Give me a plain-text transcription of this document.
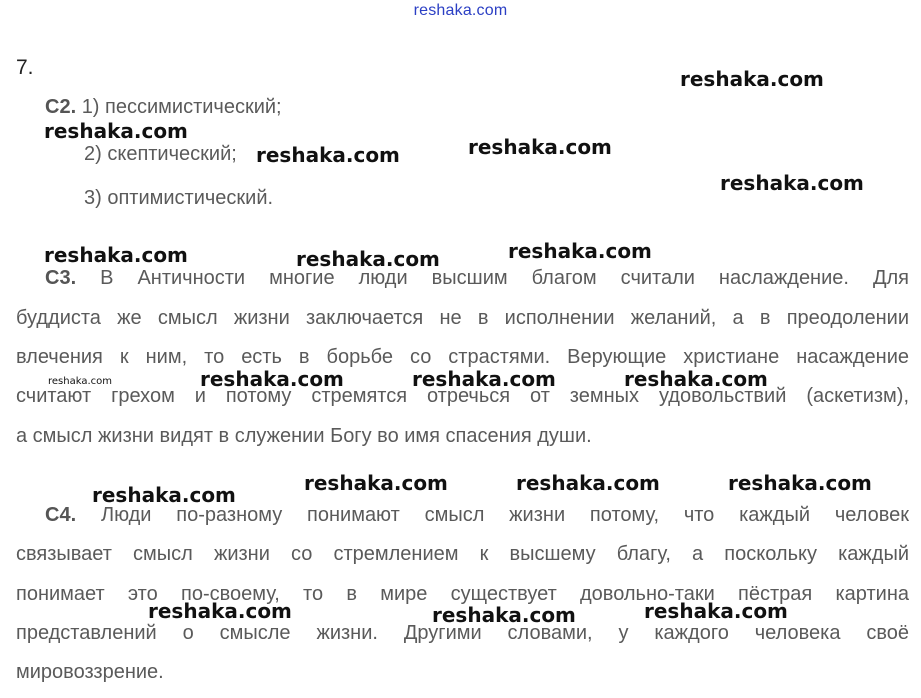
reshaka.com
7.
С2. 1) пессимистический;
2) скептический;
3) оптимистический.
С3. В Античности многие люди высшим благом считали наслаждение. Для
буддиста же смысл жизни заключается не в исполнении желаний, а в преодолении
влечения к ним, то есть в борьбе со страстями. Верующие христиане насаждение
считают грехом и потому стремятся отречься от земных удовольствий (аскетизм),
а смысл жизни видят в служении Богу во имя спасения души.
С4. Люди по-разному понимают смысл жизни потому, что каждый человек
связывает смысл жизни со стремлением к высшему благу, а поскольку каждый
понимает это по-своему, то в мире существует довольно-таки пёстрая картина
представлений о смысле жизни. Другими словами, у каждого человека своё
мировоззрение.
reshaka.com
reshaka.com
reshaka.com
reshaka.com
reshaka.com
reshaka.com	reshaka.com
reshaka.com
reshaka.com	reshaka.com	reshaka.com	reshaka.com
reshaka.com	reshaka.com	reshaka.com
reshaka.com
reshaka.com	reshaka.com
reshaka.com
